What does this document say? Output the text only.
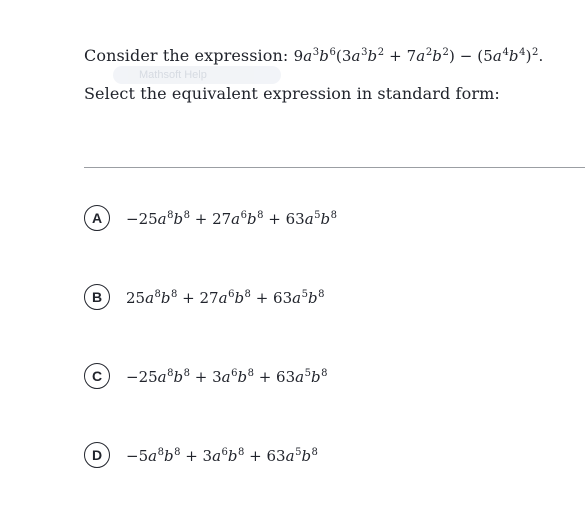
Consider the expression: $9a^3b^6(3a^3b^2 + 7a^2b^2) - (5a^4b^4)^2$.
Mathsoft Help
Select the equivalent expression in standard form:
A	$-25a^8b^8 + 27a^6b^8 + 63a^5b^8$
B	$25a^8b^8 + 27a^6b^8 + 63a^5b^8$
C	$-25a^8b^8 + 3a^6b^8 + 63a^5b^8$
D	$-5a^8b^8 + 3a^6b^8 + 63a^5b^8$
